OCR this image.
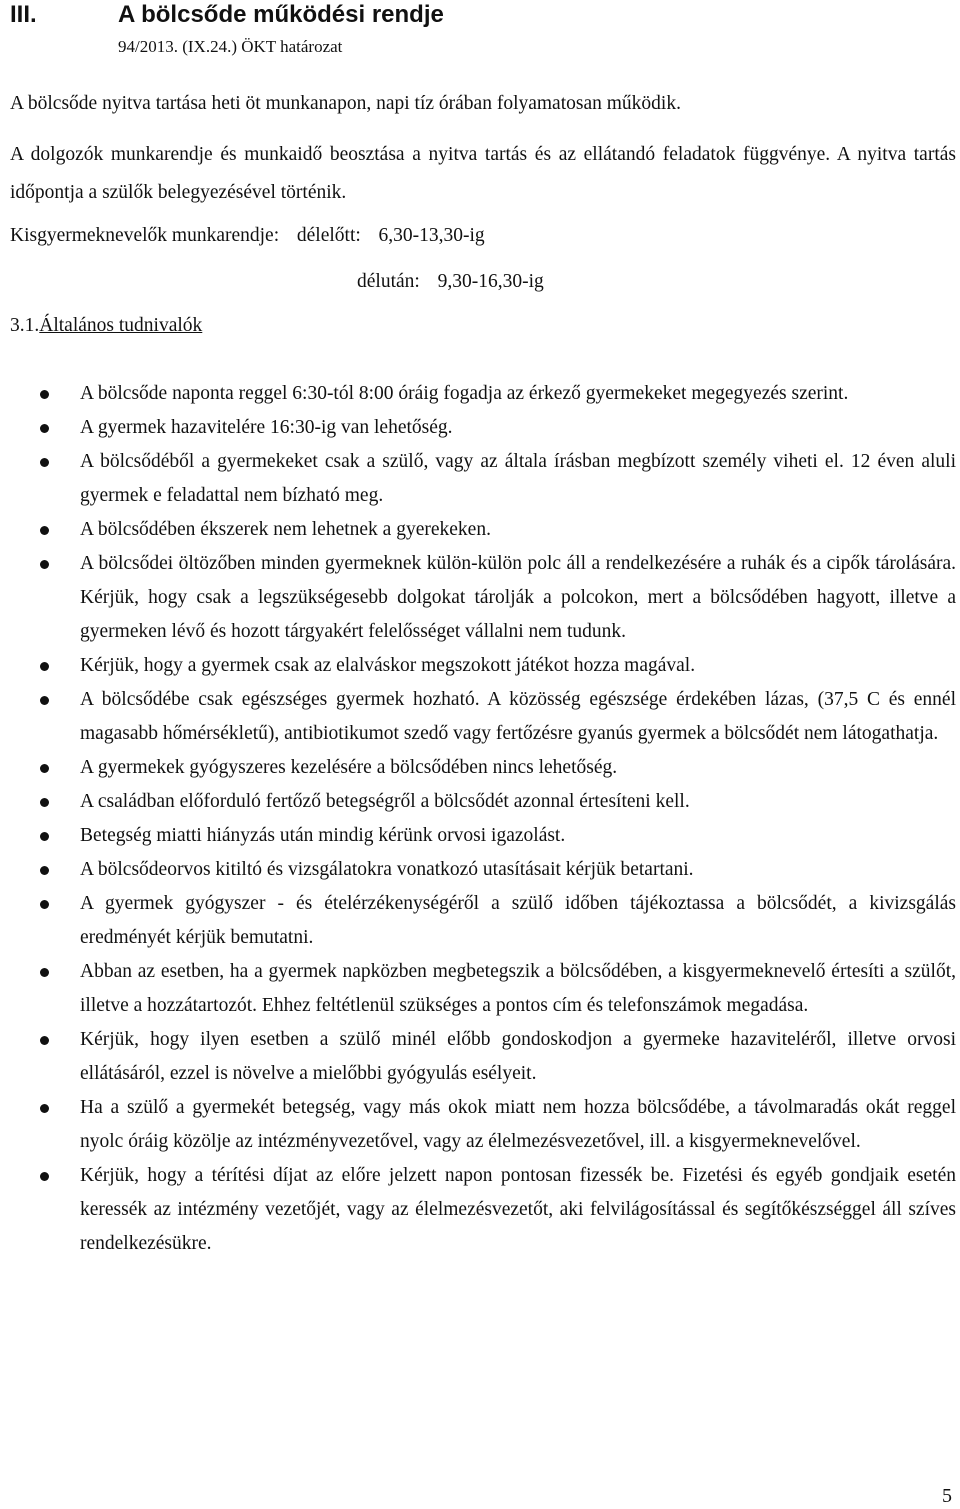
III.	A bölcsőde működési rendje
94/2013. (IX.24.) ÖKT határozat
A bölcsőde nyitva tartása heti öt munkanapon, napi tíz órában folyamatosan működik.
A dolgozók munkarendje és munkaidő beosztása a nyitva tartás és az ellátandó feladatok függvénye. A nyitva tartás időpontja a szülők belegyezésével történik.
Kisgyermeknevelők munkarendje: délelőtt: 6,30-13,30-ig
délután: 9,30-16,30-ig
3.1.Általános tudnivalók
A bölcsőde naponta reggel 6:30-tól 8:00 óráig fogadja az érkező gyermekeket megegyezés szerint.
A gyermek hazavitelére 16:30-ig van lehetőség.
A bölcsődéből a gyermekeket csak a szülő, vagy az általa írásban megbízott személy viheti el. 12 éven aluli gyermek e feladattal nem bízható meg.
A bölcsődében ékszerek nem lehetnek a gyerekeken.
A bölcsődei öltözőben minden gyermeknek külön-külön polc áll a rendelkezésére a ruhák és a cipők tárolására. Kérjük, hogy csak a legszükségesebb dolgokat tárolják a polcokon, mert a bölcsődében hagyott, illetve a gyermeken lévő és hozott tárgyakért felelősséget vállalni nem tudunk.
Kérjük, hogy a gyermek csak az elalváskor megszokott játékot hozza magával.
A bölcsődébe csak egészséges gyermek hozható. A közösség egészsége érdekében lázas, (37,5 C és ennél magasabb hőmérsékletű), antibiotikumot szedő vagy fertőzésre gyanús gyermek a bölcsődét nem látogathatja.
A gyermekek gyógyszeres kezelésére a bölcsődében nincs lehetőség.
A családban előforduló fertőző betegségről a bölcsődét azonnal értesíteni kell.
Betegség miatti hiányzás után mindig kérünk orvosi igazolást.
A bölcsődeorvos kitiltó és vizsgálatokra vonatkozó utasításait kérjük betartani.
A gyermek gyógyszer - és ételérzékenységéről a szülő időben tájékoztassa a bölcsődét, a kivizsgálás eredményét kérjük bemutatni.
Abban az esetben, ha a gyermek napközben megbetegszik a bölcsődében, a kisgyermeknevelő értesíti a szülőt, illetve a hozzátartozót. Ehhez feltétlenül szükséges a pontos cím és telefonszámok megadása.
Kérjük, hogy ilyen esetben a szülő minél előbb gondoskodjon a gyermeke hazaviteléről, illetve orvosi ellátásáról, ezzel is növelve a mielőbbi gyógyulás esélyeit.
Ha a szülő a gyermekét betegség, vagy más okok miatt nem hozza bölcsődébe, a távolmaradás okát reggel nyolc óráig közölje az intézményvezetővel, vagy az élelmezésvezetővel, ill. a kisgyermeknevelővel.
Kérjük, hogy a térítési díjat az előre jelzett napon pontosan fizessék be. Fizetési és egyéb gondjaik esetén keressék az intézmény vezetőjét, vagy az élelmezésvezetőt, aki felvilágosítással és segítőkészséggel áll szíves rendelkezésükre.
5
